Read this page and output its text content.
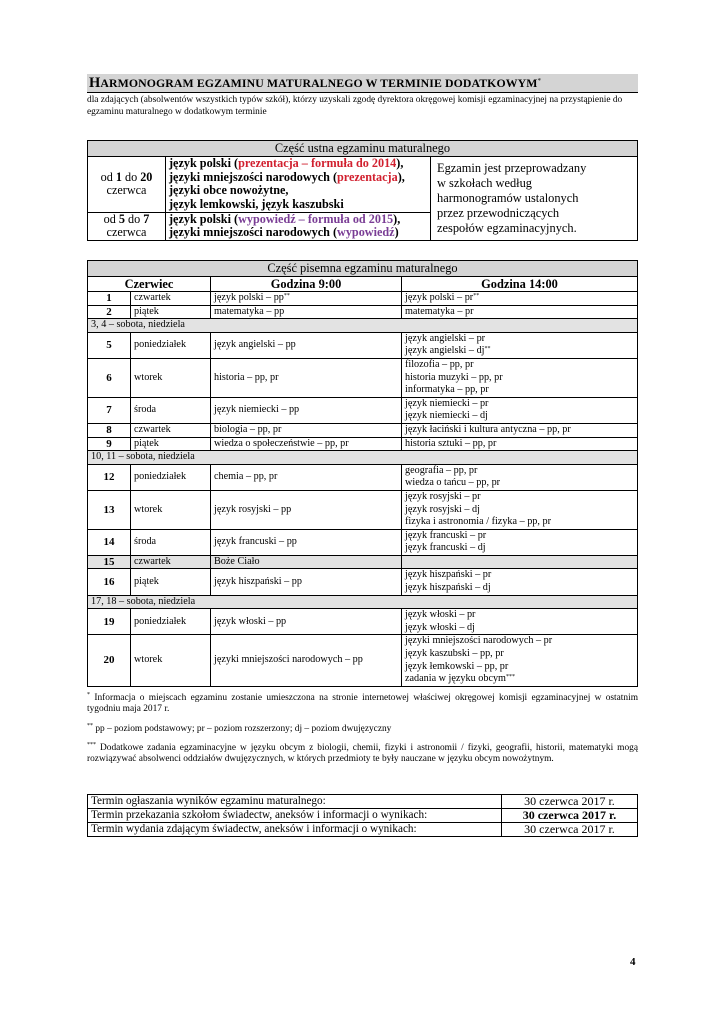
HARMONOGRAM EGZAMINU MATURALNEGO W TERMINIE DODATKOWYM*
dla zdających (absolwentów wszystkich typów szkół), którzy uzyskali zgodę dyrektora okręgowej komisji egzaminacyjnej na przystąpienie do egzaminu maturalnego w dodatkowym terminie
Część ustna egzaminu maturalnego		
od 1 do 20
czerwca	język polski (prezentacja – formuła do 2014),
języki mniejszości narodowych (prezentacja),
języki obce nowożytne,
język lemkowski, język kaszubski	Egzamin jest przeprowadzany
w szkołach według
harmonogramów ustalonych
przez przewodniczących
zespołów egzaminacyjnych.
od 5 do 7
czerwca	język polski (wypowiedź – formuła od 2015),
języki mniejszości narodowych (wypowiedź)	
Część pisemna egzaminu maturalnego			
Czerwiec		Godzina 9:00	Godzina 14:00
1	czwartek	język polski – pp**	język polski – pr**
2	piątek	matematyka – pp	matematyka – pr
3, 4 – sobota, niedziela			
5	poniedziałek	język angielski – pp	język angielski – pr
język angielski – dj**
6	wtorek	historia – pp, pr	filozofia – pp, pr
historia muzyki – pp, pr
informatyka – pp, pr
7	środa	język niemiecki – pp	język niemiecki – pr
język niemiecki – dj
8	czwartek	biologia – pp, pr	język łaciński i kultura antyczna – pp, pr
9	piątek	wiedza o społeczeństwie – pp, pr	historia sztuki – pp, pr
10, 11 – sobota, niedziela			
12	poniedziałek	chemia – pp, pr	geografia – pp, pr
wiedza o tańcu – pp, pr
13	wtorek	język rosyjski – pp	język rosyjski – pr
język rosyjski – dj
fizyka i astronomia / fizyka – pp, pr
14	środa	język francuski – pp	język francuski – pr
język francuski – dj
15	czwartek	Boże Ciało	
16	piątek	język hiszpański – pp	język hiszpański – pr
język hiszpański – dj
17, 18 – sobota, niedziela			
19	poniedziałek	język włoski – pp	język włoski – pr
język włoski – dj
20	wtorek	języki mniejszości narodowych – pp	języki mniejszości narodowych – pr
język kaszubski – pp, pr
język łemkowski – pp, pr
zadania w języku obcym***

* Informacja o miejscach egzaminu zostanie umieszczona na stronie internetowej właściwej okręgowej komisji egzaminacyjnej w ostatnim tygodniu maja 2017 r.

** pp – poziom podstawowy; pr – poziom rozszerzony; dj – poziom dwujęzyczny

*** Dodatkowe zadania egzaminacyjne w języku obcym z biologii, chemii, fizyki i astronomii / fizyki, geografii, historii, matematyki mogą rozwiązywać absolwenci oddziałów dwujęzycznych, w których przedmioty te były nauczane w języku obcym nowożytnym.

Termin ogłaszania wyników egzaminu maturalnego:	30 czerwca 2017 r.
Termin przekazania szkołom świadectw, aneksów i informacji o wynikach:	30 czerwca 2017 r.
Termin wydania zdającym świadectw, aneksów i informacji o wynikach:	30 czerwca 2017 r.
4
